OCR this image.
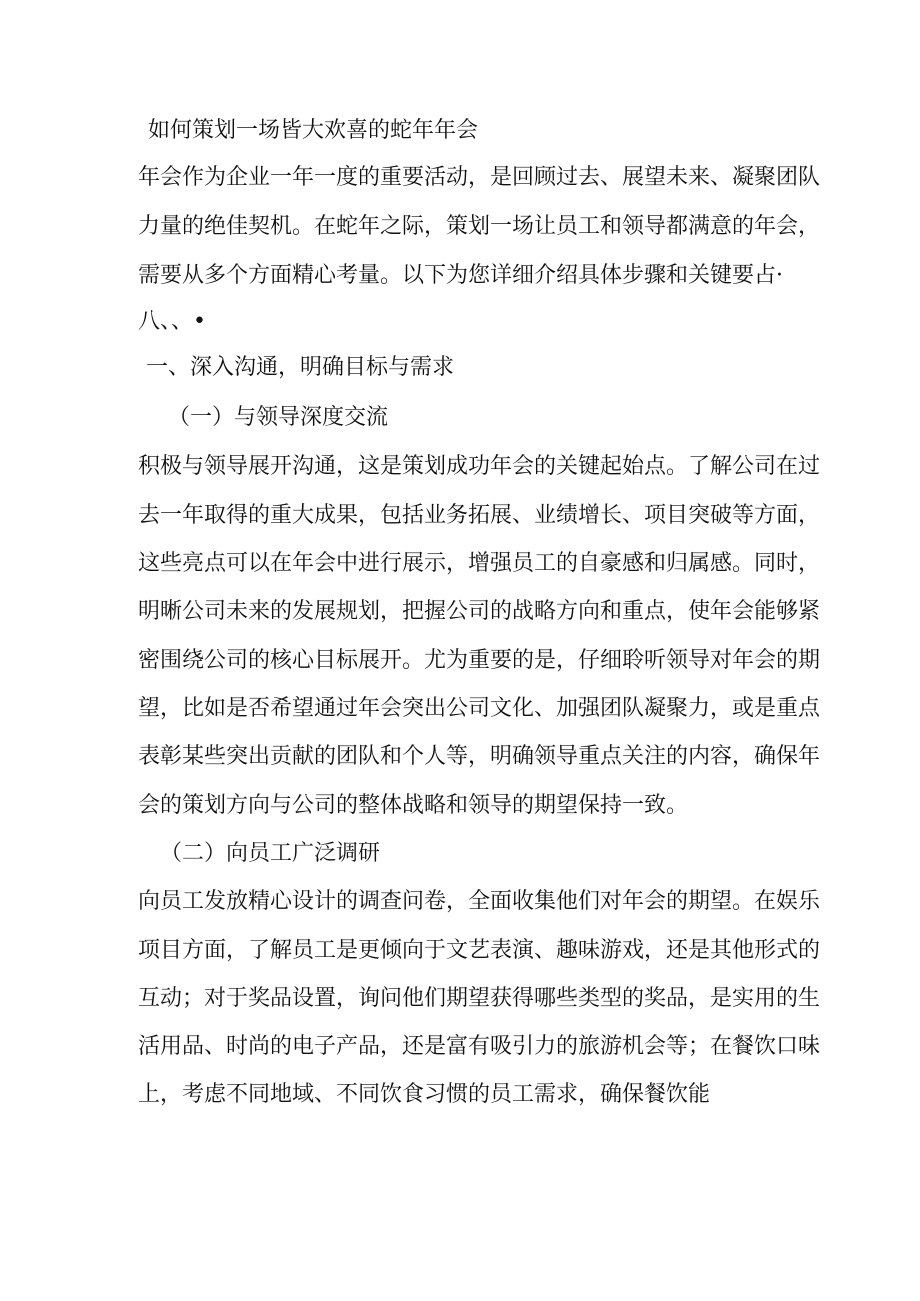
如何策划一场皆大欢喜的蛇年年会
年会作为企业一年一度的重要活动，是回顾过去、展望未来、凝聚团队
力量的绝佳契机。在蛇年之际，策划一场让员工和领导都满意的年会，
需要从多个方面精心考量。以下为您详细介绍具体步骤和关键要占·
八、、•
一、深入沟通，明确目标与需求
（一）与领导深度交流
积极与领导展开沟通，这是策划成功年会的关键起始点。了解公司在过
去一年取得的重大成果，包括业务拓展、业绩增长、项目突破等方面，
这些亮点可以在年会中进行展示，增强员工的自豪感和归属感。同时，
明晰公司未来的发展规划，把握公司的战略方向和重点，使年会能够紧
密围绕公司的核心目标展开。尤为重要的是，仔细聆听领导对年会的期
望，比如是否希望通过年会突出公司文化、加强团队凝聚力，或是重点
表彰某些突出贡献的团队和个人等，明确领导重点关注的内容，确保年
会的策划方向与公司的整体战略和领导的期望保持一致。
（二）向员工广泛调研
向员工发放精心设计的调查问卷，全面收集他们对年会的期望。在娱乐
项目方面，了解员工是更倾向于文艺表演、趣味游戏，还是其他形式的
互动；对于奖品设置，询问他们期望获得哪些类型的奖品，是实用的生
活用品、时尚的电子产品，还是富有吸引力的旅游机会等；在餐饮口味
上，考虑不同地域、不同饮食习惯的员工需求，确保餐饮能
